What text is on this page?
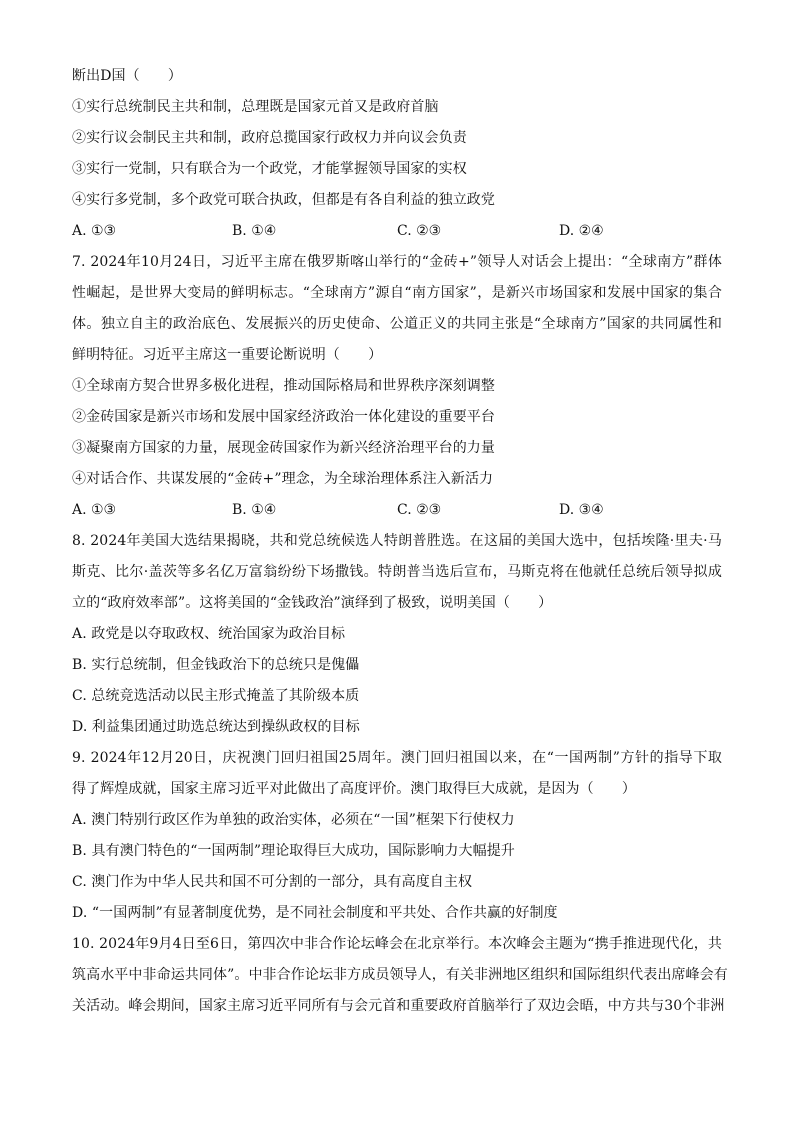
断出D国（　　）
①实行总统制民主共和制，总理既是国家元首又是政府首脑
②实行议会制民主共和制，政府总揽国家行政权力并向议会负责
③实行一党制，只有联合为一个政党，才能掌握领导国家的实权
④实行多党制，多个政党可联合执政，但都是有各自利益的独立政党
A. ①③	B. ①④	C. ②③	D. ②④
7. 2024年10月24日，习近平主席在俄罗斯喀山举行的“金砖+”领导人对话会上提出：“全球南方”群体
性崛起，是世界大变局的鲜明标志。“全球南方”源自“南方国家”，是新兴市场国家和发展中国家的集合
体。独立自主的政治底色、发展振兴的历史使命、公道正义的共同主张是“全球南方”国家的共同属性和
鲜明特征。习近平主席这一重要论断说明（　　）
①全球南方契合世界多极化进程，推动国际格局和世界秩序深刻调整
②金砖国家是新兴市场和发展中国家经济政治一体化建设的重要平台
③凝聚南方国家的力量，展现金砖国家作为新兴经济治理平台的力量
④对话合作、共谋发展的“金砖+”理念，为全球治理体系注入新活力
A. ①③	B. ①④	C. ②③	D. ③④
8. 2024年美国大选结果揭晓，共和党总统候选人特朗普胜选。在这届的美国大选中，包括埃隆·里夫·马
斯克、比尔·盖茨等多名亿万富翁纷纷下场撒钱。特朗普当选后宣布，马斯克将在他就任总统后领导拟成
立的“政府效率部”。这将美国的“金钱政治”演绎到了极致，说明美国（　　）
A. 政党是以夺取政权、统治国家为政治目标
B. 实行总统制，但金钱政治下的总统只是傀儡
C. 总统竞选活动以民主形式掩盖了其阶级本质
D. 利益集团通过助选总统达到操纵政权的目标
9. 2024年12月20日，庆祝澳门回归祖国25周年。澳门回归祖国以来，在“一国两制”方针的指导下取
得了辉煌成就，国家主席习近平对此做出了高度评价。澳门取得巨大成就，是因为（　　）
A. 澳门特别行政区作为单独的政治实体，必须在“一国”框架下行使权力
B. 具有澳门特色的“一国两制”理论取得巨大成功，国际影响力大幅提升
C. 澳门作为中华人民共和国不可分割的一部分，具有高度自主权
D. “一国两制”有显著制度优势，是不同社会制度和平共处、合作共赢的好制度
10. 2024年9月4日至6日，第四次中非合作论坛峰会在北京举行。本次峰会主题为“携手推进现代化，共
筑高水平中非命运共同体”。中非合作论坛非方成员领导人，有关非洲地区组织和国际组织代表出席峰会有
关活动。峰会期间，国家主席习近平同所有与会元首和重要政府首脑举行了双边会晤，中方共与30个非洲
